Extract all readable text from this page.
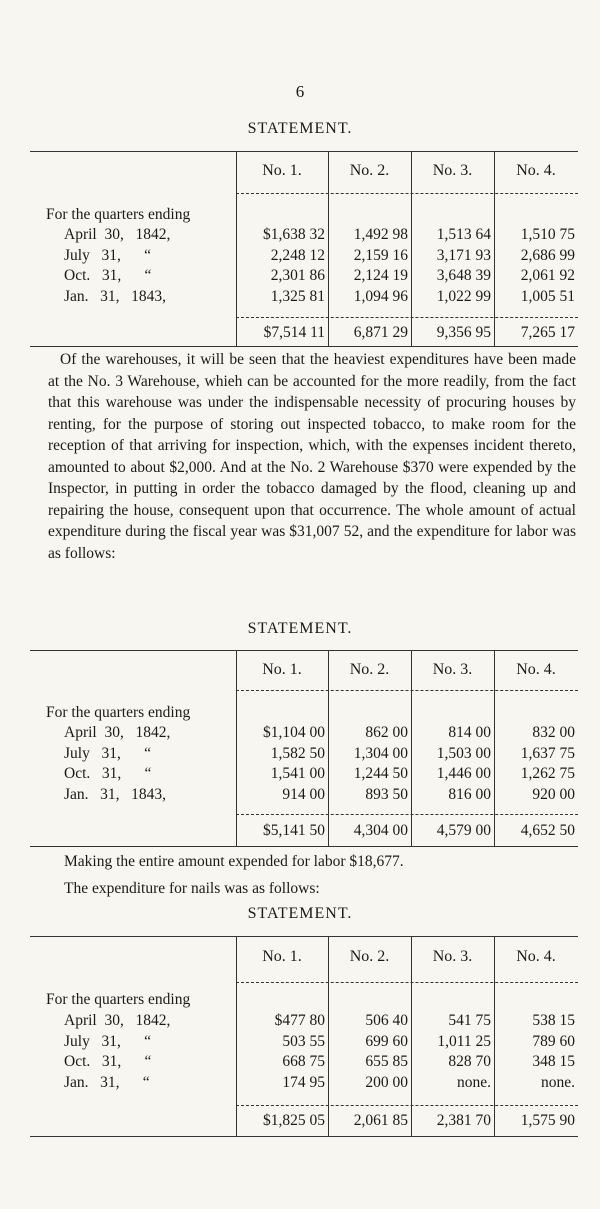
6
STATEMENT.
No. 1.	No. 2.	No. 3.	No. 4.
For the quarters ending
April  30,   1842,	$1,638 32	1,492 98	1,513 64	1,510 75
July   31,      “	2,248 12	2,159 16	3,171 93	2,686 99
Oct.   31,      “	2,301 86	2,124 19	3,648 39	2,061 92
Jan.   31,   1843,	1,325 81	1,094 96	1,022 99	1,005 51
$7,514 11	6,871 29	9,356 95	7,265 17
Of the warehouses, it will be seen that the heaviest expenditures have been made at the No. 3 Warehouse, whieh can be accounted for the more readily, from the fact that this warehouse was under the indispensable necessity of procuring houses by renting, for the purpose of storing out inspected tobacco, to make room for the reception of that arriving for inspection, which, with the expenses incident thereto, amounted to about $2,000. And at the No. 2 Warehouse $370 were expended by the Inspector, in putting in order the tobacco damaged by the flood, cleaning up and repairing the house, consequent upon that occurrence. The whole amount of actual expenditure during the fiscal year was $31,007 52, and the expenditure for labor was as follows:
STATEMENT.
No. 1.	No. 2.	No. 3.	No. 4.
For the quarters ending
April  30,   1842,	$1,104 00	862 00	814 00	832 00
July   31,      “	1,582 50	1,304 00	1,503 00	1,637 75
Oct.   31,      “	1,541 00	1,244 50	1,446 00	1,262 75
Jan.   31,   1843,	914 00	893 50	816 00	920 00
$5,141 50	4,304 00	4,579 00	4,652 50
Making the entire amount expended for labor $18,677.
The expenditure for nails was as follows:
STATEMENT.
No. 1.	No. 2.	No. 3.	No. 4.
For the quarters ending
April  30,   1842,	$477 80	506 40	541 75	538 15
July   31,      “	503 55	699 60	1,011 25	789 60
Oct.   31,      “	668 75	655 85	828 70	348 15
Jan.   31,      “	174 95	200 00	none.	none.
$1,825 05	2,061 85	2,381 70	1,575 90
